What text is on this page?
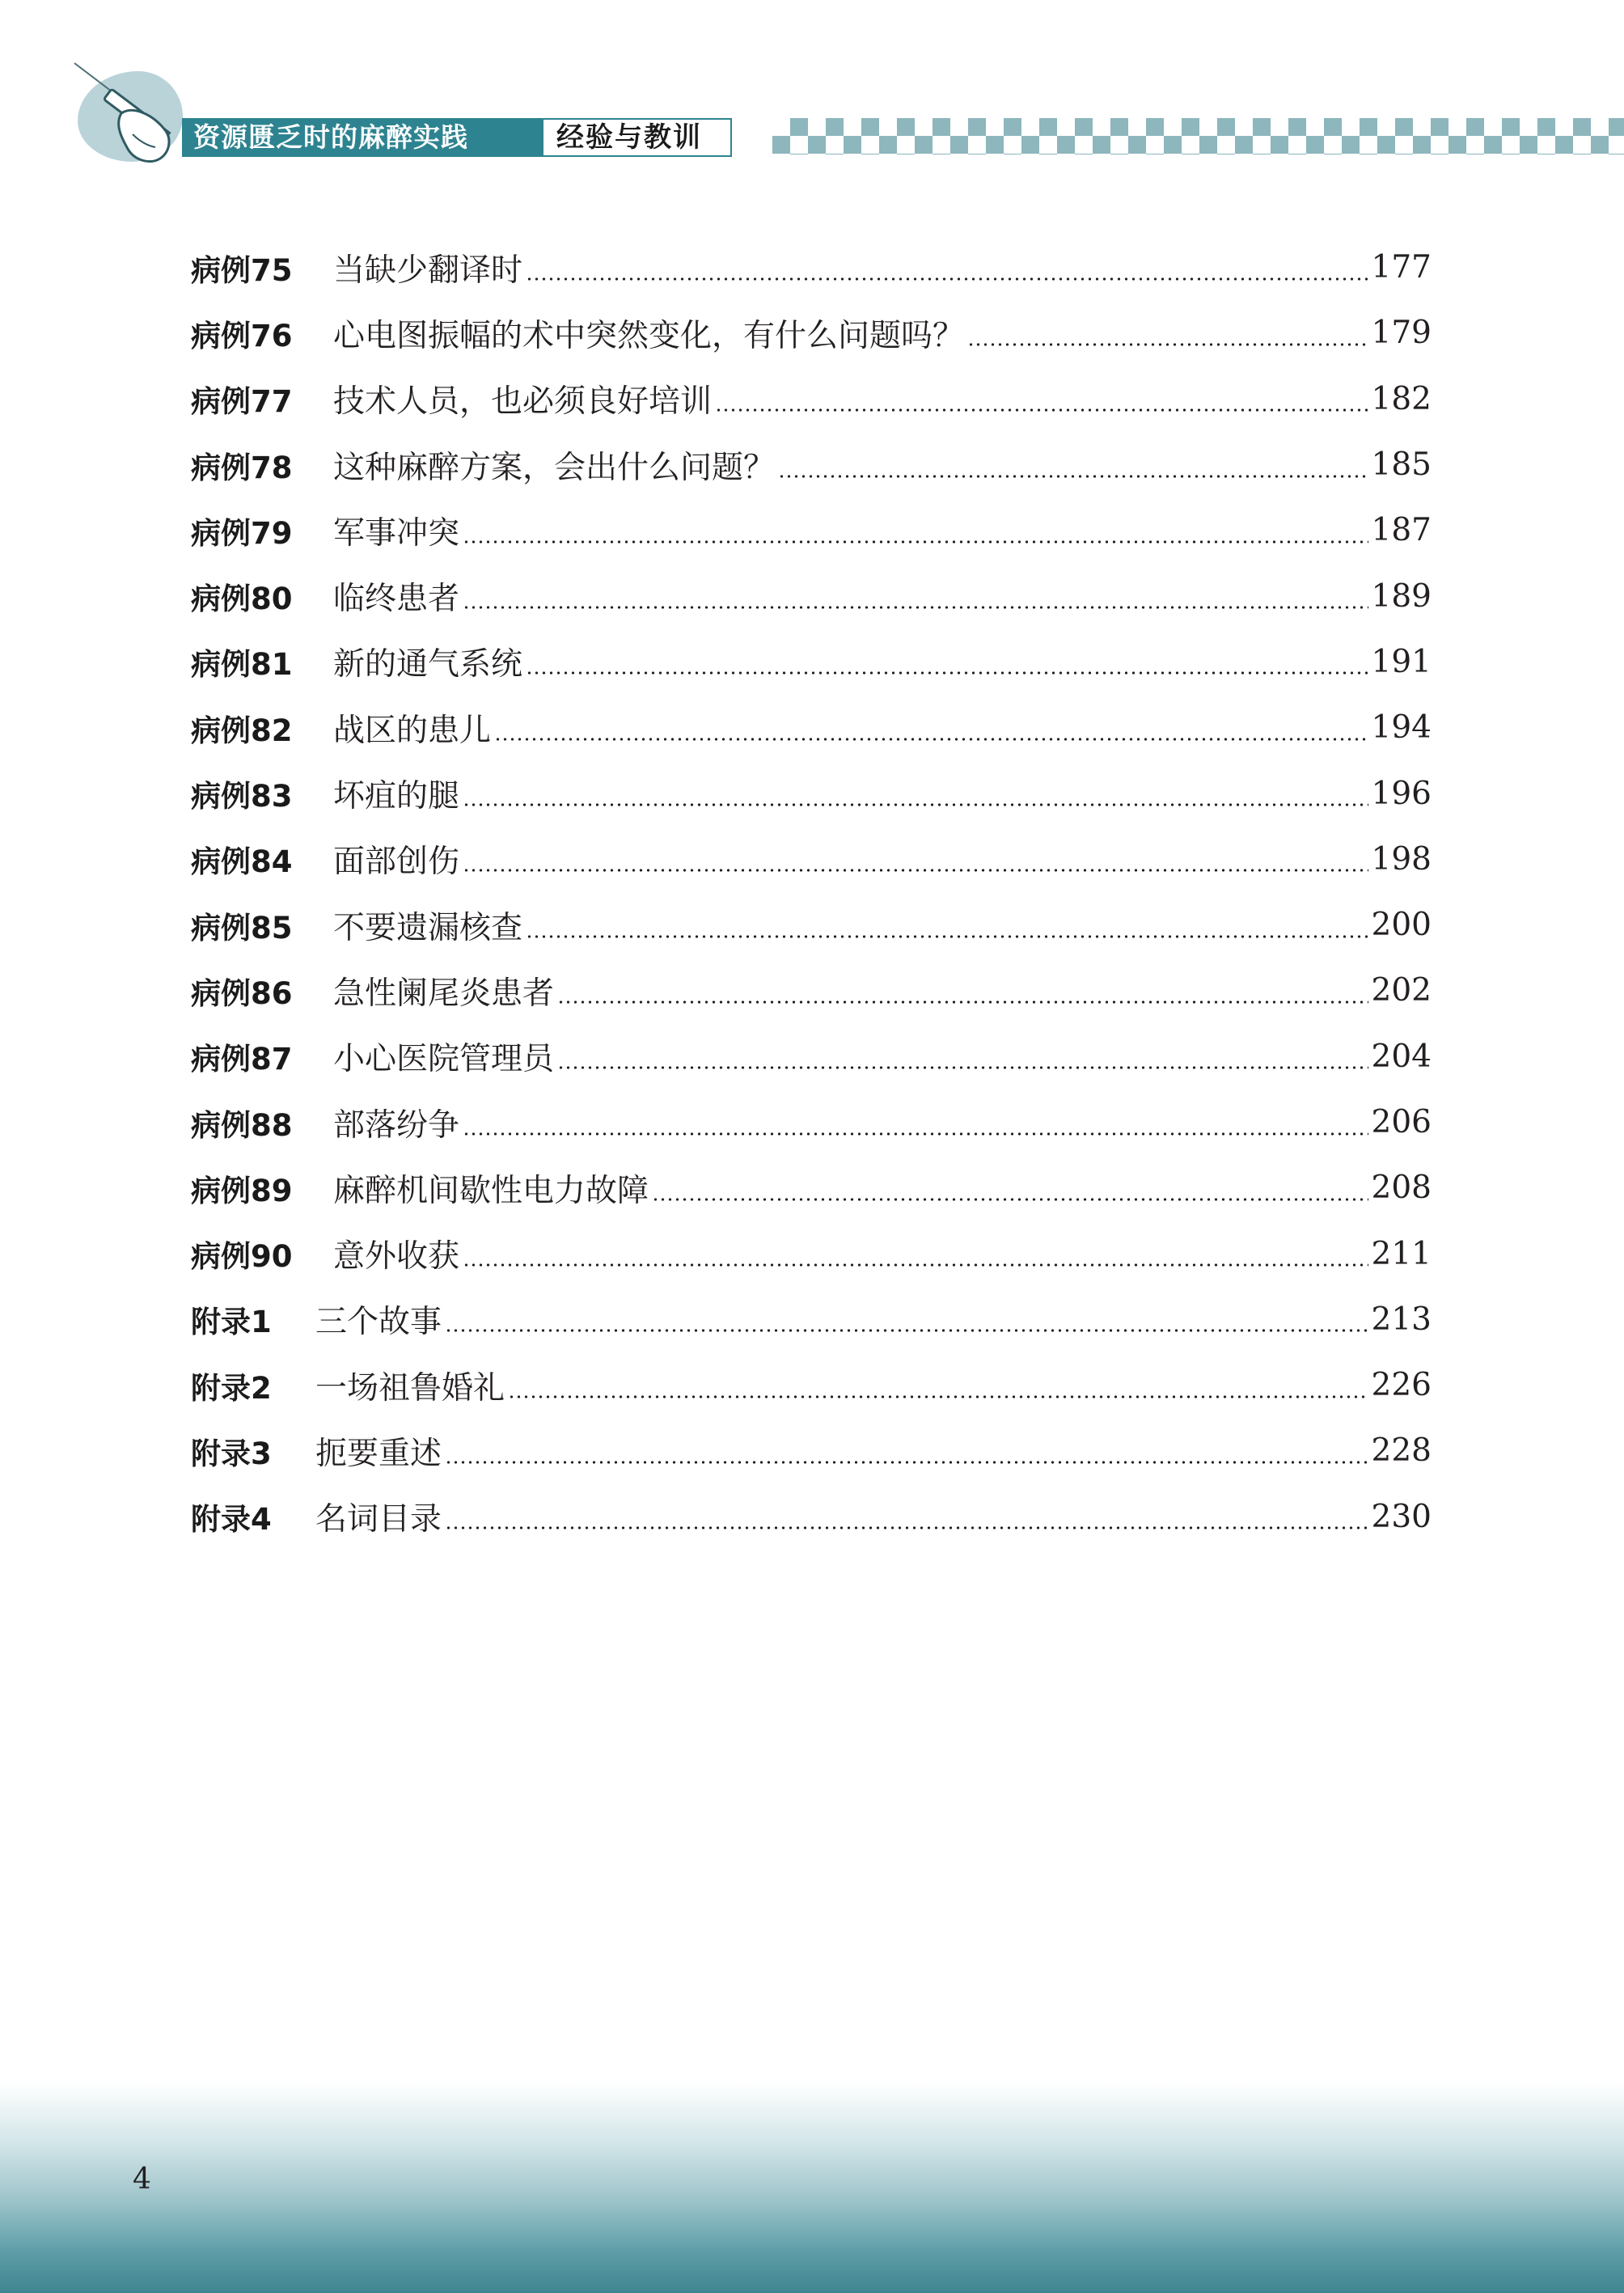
资源匮乏时的麻醉实践	经验与教训
病例75	当缺少翻译时	177
病例76	心电图振幅的术中突然变化，有什么问题吗？	179
病例77	技术人员，也必须良好培训	182
病例78	这种麻醉方案，会出什么问题？	185
病例79	军事冲突	187
病例80	临终患者	189
病例81	新的通气系统	191
病例82	战区的患儿	194
病例83	坏疽的腿	196
病例84	面部创伤	198
病例85	不要遗漏核查	200
病例86	急性阑尾炎患者	202
病例87	小心医院管理员	204
病例88	部落纷争	206
病例89	麻醉机间歇性电力故障	208
病例90	意外收获	211
附录1	三个故事	213
附录2	一场祖鲁婚礼	226
附录3	扼要重述	228
附录4	名词目录	230
4
